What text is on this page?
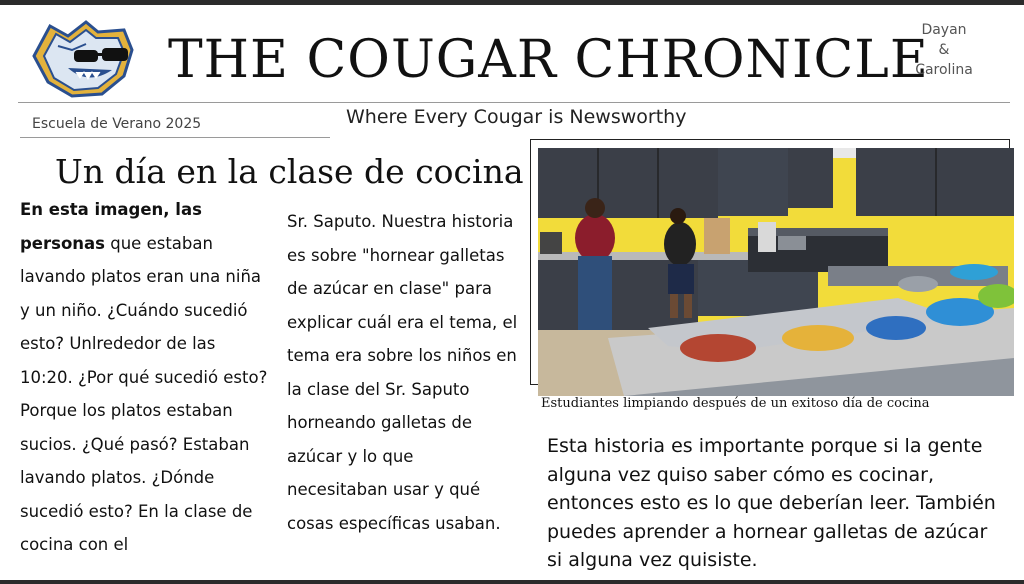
THE COUGAR CHRONICLE
Dayan
&
Carolina
Escuela de Verano 2025	Where Every Cougar is Newsworthy
Un día en la clase de cocina
En esta imagen, las personas que estaban lavando platos eran una niña y un niño. ¿Cuándo sucedió esto? Unlrededor de las 10:20. ¿Por qué sucedió esto? Porque los platos estaban sucios. ¿Qué pasó? Estaban lavando platos. ¿Dónde sucedió esto? En la clase de cocina con el
Sr. Saputo. Nuestra historia es sobre "hornear galletas de azúcar en clase" para explicar cuál era el tema, el tema era sobre los niños en la clase del Sr. Saputo horneando galletas de azúcar y lo que necesitaban usar y qué cosas específicas usaban.
Estudiantes limpiando después de un exitoso día de cocina
Esta historia es importante porque si la gente alguna vez quiso saber cómo es cocinar, entonces esto es lo que deberían leer. También puedes aprender a hornear galletas de azúcar si alguna vez quisiste.
